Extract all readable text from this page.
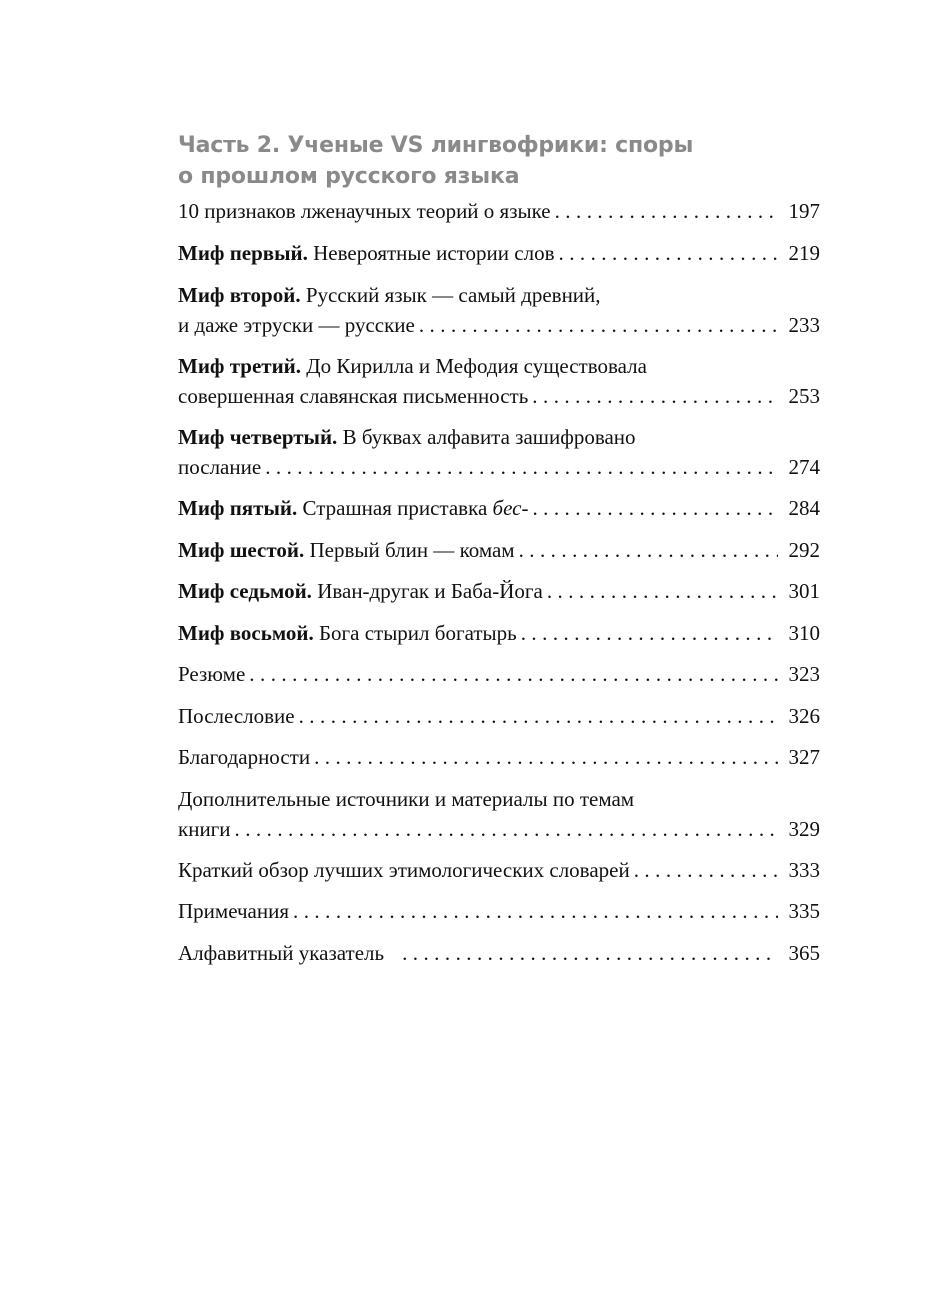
Часть 2. Ученые VS лингвофрики: споры
о прошлом русского языка
10 признаков лженаучных теорий о языке . . .	197
Миф первый. Невероятные истории слов . . .	219
Миф второй. Русский язык — самый древний,
и даже этруски — русские . . .	233
Миф третий. До Кирилла и Мефодия существовала
совершенная славянская письменность . . .	253
Миф четвертый. В буквах алфавита зашифровано
послание . . .	274
Миф пятый. Страшная приставка бес- . . .	284
Миф шестой. Первый блин — комам . . .	292
Миф седьмой. Иван-другак и Баба-Йога . . .	301
Миф восьмой. Бога стырил богатырь . . .	310
Резюме . . .	323
Послесловие . . .	326
Благодарности . . .	327
Дополнительные источники и материалы по темам
книги . . .	329
Краткий обзор лучших этимологических словарей . . .	333
Примечания . . .	335
Алфавитный указатель . . .	365
